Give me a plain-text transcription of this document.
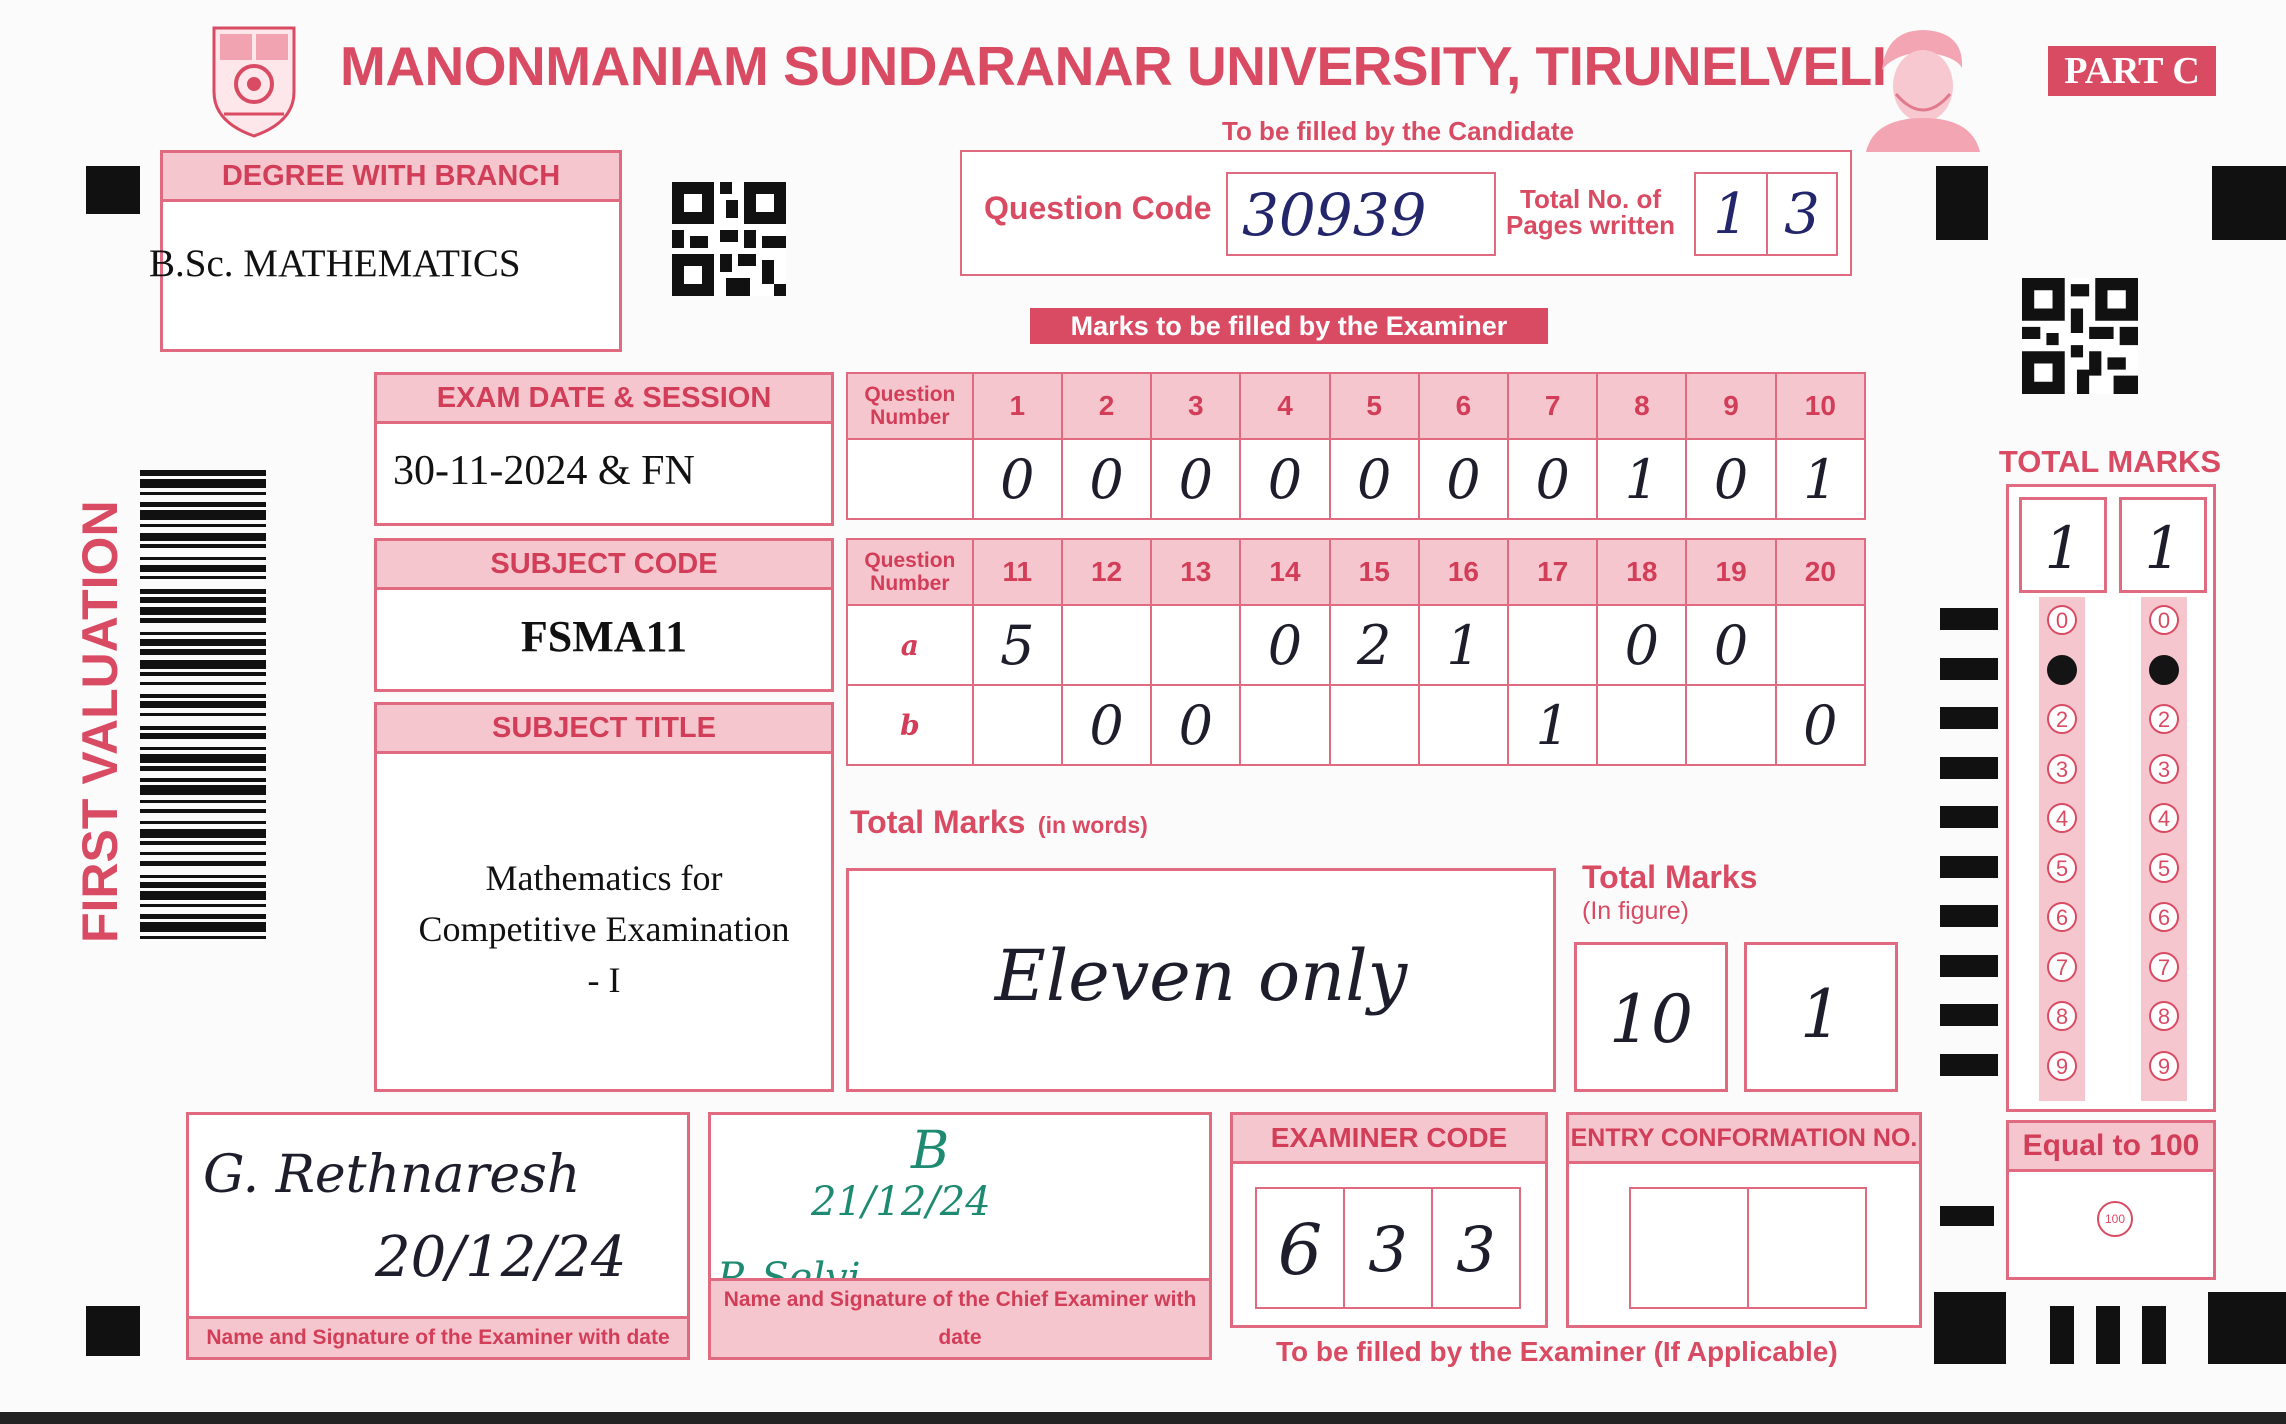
MANONMANIAM SUNDARANAR UNIVERSITY, TIRUNELVELI	PART C
To be filled by the Candidate
DEGREE WITH BRANCH
B.Sc. MATHEMATICS
Question Code 30939	Total No. of
Pages written 1 3
Marks to be filled by the Examiner
EXAM DATE & SESSION
30-11-2024 & FN
SUBJECT CODE
FSMA11
SUBJECT TITLE
Mathematics for
Competitive Examination
- I
FIRST VALUATION
Question
Number	1	2	3	4	5	6	7	8	9	10
	0	0	0	0	0	0	0	1	0	1
Question
Number	11	12	13	14	15	16	17	18	19	20
a	5			0	2	1		0	0	
b		0	0				1			0
Total Marks (in words)
Eleven only
Total Marks
(In figure)
10	1
TOTAL MARKS
1	1
0	0
1	1
2	2
3	3
4	4
5	5
6	6
7	7
8	8
9	9
Equal to 100
100
G. Rethnaresh
20/12/24
Name and Signature of the Examiner with date
B
21/12/24
Name and Signature of the Chief Examiner with date
EXAMINER CODE
6 3 3
ENTRY CONFORMATION NO.
To be filled by the Examiner (If Applicable)
